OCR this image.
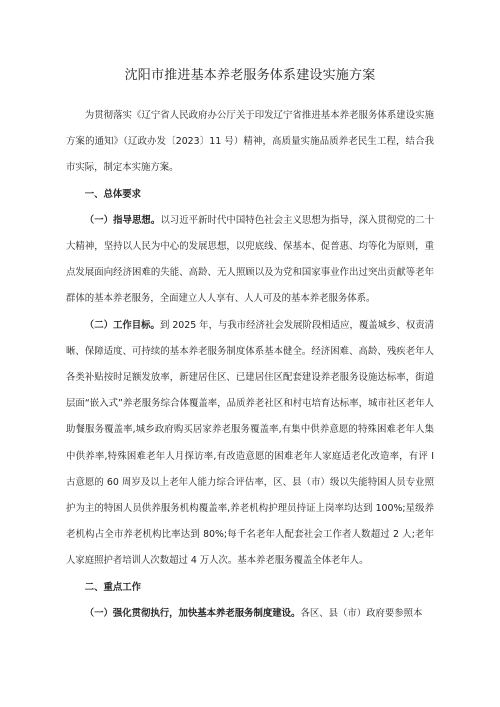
沈阳市推进基本养老服务体系建设实施方案

为贯彻落实《辽宁省人民政府办公厅关于印发辽宁省推进基本养老服务体系建设实施方案的通知》（辽政办发〔2023〕11 号）精神，高质量实施品质养老民生工程，结合我市实际，制定本实施方案。

一、总体要求

（一）指导思想。以习近平新时代中国特色社会主义思想为指导，深入贯彻党的二十大精神，坚持以人民为中心的发展思想，以兜底线、保基本、促普惠、均等化为原则，重点发展面向经济困难的失能、高龄、无人照顾以及为党和国家事业作出过突出贡献等老年群体的基本养老服务，全面建立人人享有、人人可及的基本养老服务体系。

（二）工作目标。到 2025 年，与我市经济社会发展阶段相适应，覆盖城乡、权责清晰、保障适度、可持续的基本养老服务制度体系基本健全。经济困难、高龄、残疾老年人各类补贴按时足额发放率，新建居住区、已建居住区配套建设养老服务设施达标率，街道层面“嵌入式”养老服务综合体覆盖率，品质养老社区和村屯培育达标率，城市社区老年人助餐服务覆盖率,城乡政府购买居家养老服务覆盖率,有集中供养意愿的特殊困难老年人集中供养率,特殊困难老年人月探访率,有改造意愿的困难老年人家庭适老化改造率，有评 I 古意愿的 60 周岁及以上老年人能力综合评估率，区、县（市）级以失能特困人员专业照护为主的特困人员供养服务机构覆盖率,养老机构护理员持证上岗率均达到 100%;星级养老机构占全市养老机构比率达到 80%;每千名老年人配套社会工作者人数超过 2 人;老年人家庭照护者培训人次数超过 4 万人次。基本养老服务覆盖全体老年人。

二、重点工作

（一）强化贯彻执行，加快基本养老服务制度建设。各区、县（市）政府要参照本
